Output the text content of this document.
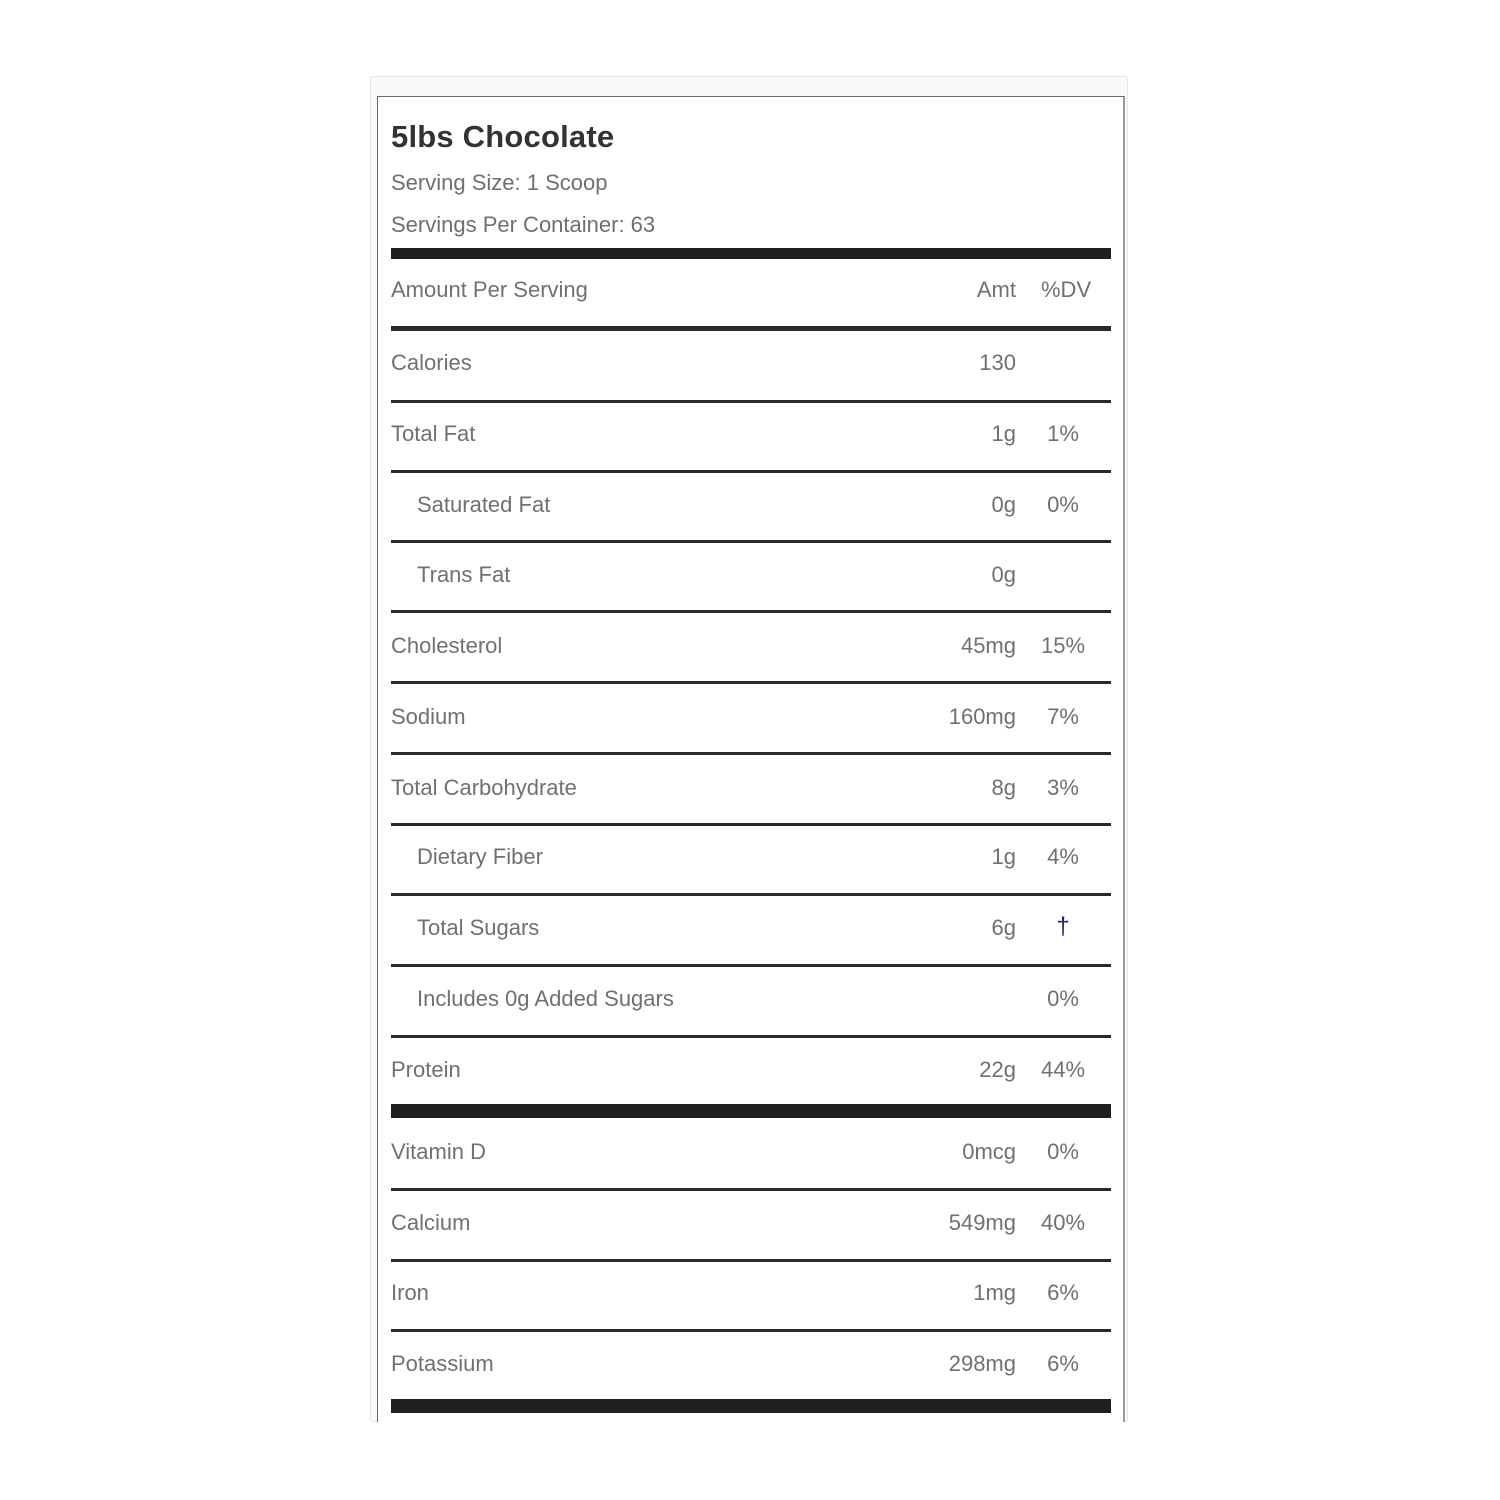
5lbs Chocolate
Serving Size: 1 Scoop
Servings Per Container: 63
Amount Per Serving	Amt %DV
Calories	130
Total Fat	1g	1%
Saturated Fat	0g	0%
Trans Fat	0g
Cholesterol	45mg	15%
Sodium	160mg	7%
Total Carbohydrate	8g	3%
Dietary Fiber	1g	4%
Total Sugars	6g	†
Includes 0g Added Sugars	0%
Protein	22g	44%
Vitamin D	0mcg	0%
Calcium	549mg	40%
Iron	1mg	6%
Potassium	298mg	6%
